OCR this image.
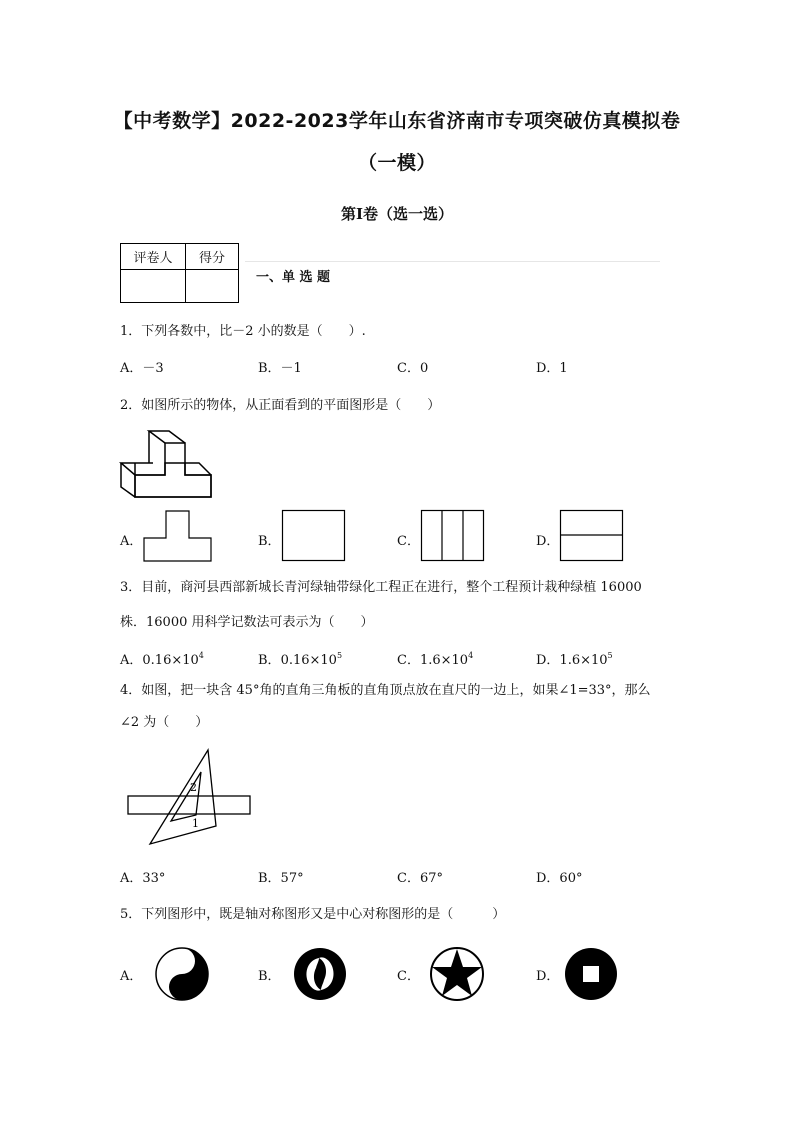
【中考数学】2022-2023学年山东省济南市专项突破仿真模拟卷
（一模）
第Ⅰ卷（选一选）
评卷人	得分

一、单 选 题
1．下列各数中，比－2 小的数是（　　）.
A．－3	B．－1	C．0	D．1
2．如图所示的物体，从正面看到的平面图形是（　　）
A．	B．	C．	D．
3．目前，商河县西部新城长青河绿轴带绿化工程正在进行，整个工程预计栽种绿植 16000
株．16000 用科学记数法可表示为（　　）
A．$0.16\times 10^4$	B．$0.16\times 10^5$	C．$1.6\times 10^4$	D．$1.6\times 10^5$
4．如图，把一块含 45°角的直角三角板的直角顶点放在直尺的一边上，如果∠1=33°，那么
∠2 为（　　）
2
1
A．33°	B．57°	C．67°	D．60°
5．下列图形中，既是轴对称图形又是中心对称图形的是（　　　）
A．	B．	C．	D．
